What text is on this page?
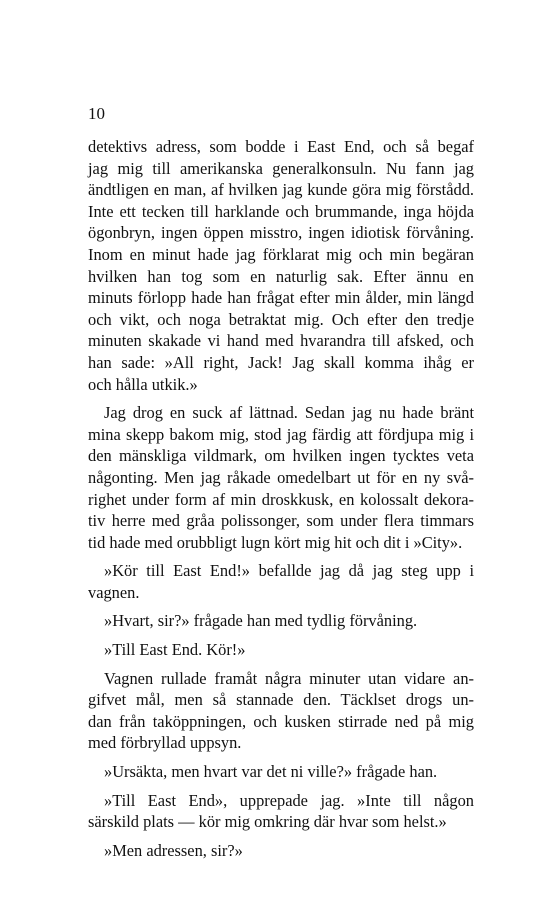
10
detektivs adress, som bodde i East End, och så begaf
jag mig till amerikanska generalkonsuln. Nu fann jag
ändtligen en man, af hvilken jag kunde göra mig förstådd.
Inte ett tecken till harklande och brummande, inga höjda
ögonbryn, ingen öppen misstro, ingen idiotisk förvåning.
Inom en minut hade jag förklarat mig och min begäran
hvilken han tog som en naturlig sak. Efter ännu en
minuts förlopp hade han frågat efter min ålder, min längd
och vikt, och noga betraktat mig. Och efter den tredje
minuten skakade vi hand med hvarandra till afsked, och
han sade: »All right, Jack! Jag skall komma ihåg er
och hålla utkik.»
Jag drog en suck af lättnad. Sedan jag nu hade bränt
mina skepp bakom mig, stod jag färdig att fördjupa mig i
den mänskliga vildmark, om hvilken ingen tycktes veta
någonting. Men jag råkade omedelbart ut för en ny svå-
righet under form af min droskkusk, en kolossalt dekora-
tiv herre med gråa polissonger, som under flera timmars
tid hade med orubbligt lugn kört mig hit och dit i »City».
»Kör till East End!» befallde jag då jag steg upp i
vagnen.
»Hvart, sir?» frågade han med tydlig förvåning.
»Till East End. Kör!»
Vagnen rullade framåt några minuter utan vidare an-
gifvet mål, men så stannade den. Täcklset drogs un-
dan från taköppningen, och kusken stirrade ned på mig
med förbryllad uppsyn.
»Ursäkta, men hvart var det ni ville?» frågade han.
»Till East End», upprepade jag. »Inte till någon
särskild plats — kör mig omkring där hvar som helst.»
»Men adressen, sir?»
